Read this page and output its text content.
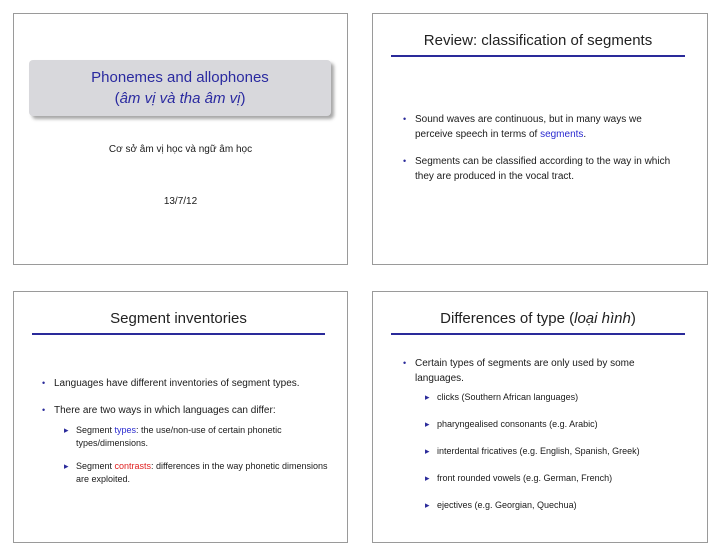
Phonemes and allophones
(âm vị và tha âm vị)
Cơ sở âm vị học và ngữ âm học
13/7/12
Review: classification of segments
• Sound waves are continuous, but in many ways we perceive speech in terms of segments.
• Segments can be classified according to the way in which they are produced in the vocal tract.
Segment inventories
• Languages have different inventories of segment types.
• There are two ways in which languages can differ:
▸ Segment types: the use/non-use of certain phonetic types/dimensions.
▸ Segment contrasts: differences in the way phonetic dimensions are exploited.
Differences of type (loại hình)
• Certain types of segments are only used by some languages.
▸ clicks (Southern African languages)
▸ pharyngealised consonants (e.g. Arabic)
▸ interdental fricatives (e.g. English, Spanish, Greek)
▸ front rounded vowels (e.g. German, French)
▸ ejectives (e.g. Georgian, Quechua)
